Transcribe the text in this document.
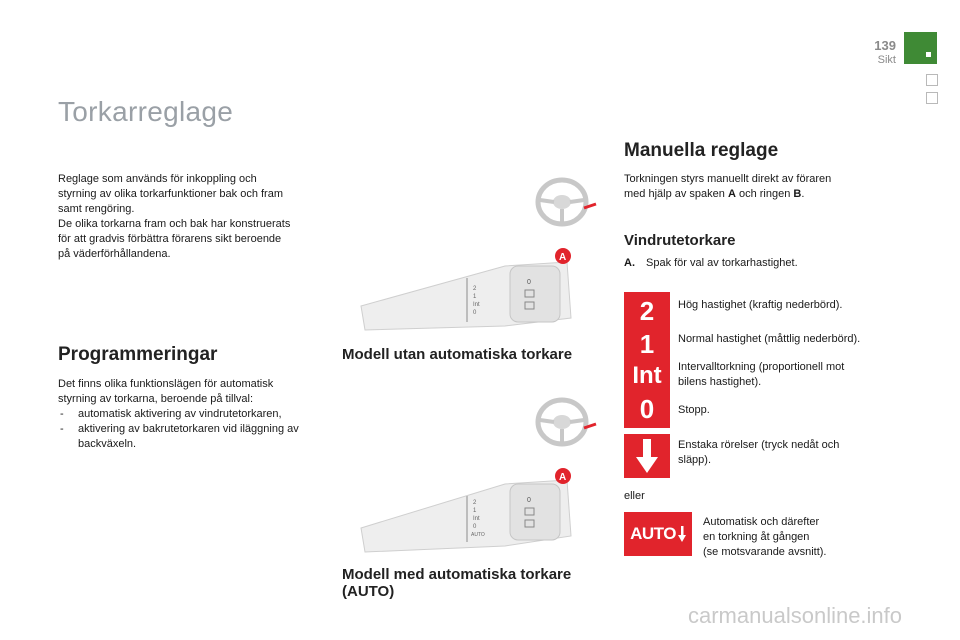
139
Sikt
Torkarreglage
Reglage som används för inkoppling och
styrning av olika torkarfunktioner bak och fram
samt rengöring.
De olika torkarna fram och bak har konstruerats
för att gradvis förbättra förarens sikt beroende
på väderförhållandena.
Programmeringar
Det finns olika funktionslägen för automatisk
styrning av torkarna, beroende på tillval:
- automatisk aktivering av vindrutetorkaren,
- aktivering av bakrutetorkaren vid iläggning av backväxeln.
2
1
Int
0
0
A
Modell utan automatiska torkare
2
1
Int
0
AUTO
0
A
Modell med automatiska torkare
(AUTO)
Manuella reglage
Torkningen styrs manuellt direkt av föraren
med hjälp av spaken A och ringen B.
Vindrutetorkare
A. Spak för val av torkarhastighet.
2
1
Int
0
Hög hastighet (kraftig nederbörd).
Normal hastighet (måttlig nederbörd).
Intervalltorkning (proportionell mot
bilens hastighet).
Stopp.
Enstaka rörelser (tryck nedåt och
släpp).
eller
AUTO
Automatisk och därefter
en torkning åt gången
(se motsvarande avsnitt).
carmanualsonline.info
